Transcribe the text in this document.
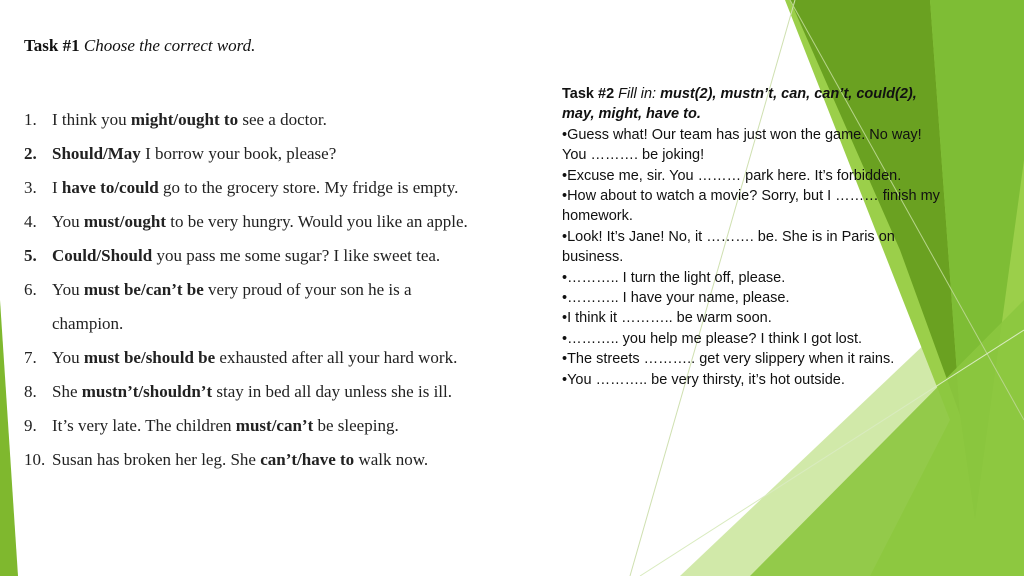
Task #1 Choose the correct word.
1. I think you might/ought to see a doctor.
2. Should/May I borrow your book, please?
3. I have to/could go to the grocery store. My fridge is empty.
4. You must/ought to be very hungry. Would you like an apple.
5. Could/Should you pass me some sugar? I like sweet tea.
6. You must be/can’t be very proud of your son he is a champion.
7. You must be/should be exhausted after all your hard work.
8. She mustn’t/shouldn’t stay in bed all day unless she is ill.
9. It’s very late. The children must/can’t be sleeping.
10. Susan has broken her leg. She can’t/have to walk now.
Task #2 Fill in: must(2), mustn’t, can, can’t, could(2), may, might, have to.
•Guess what! Our team has just won the game. No way!
You ………. be joking!
•Excuse me, sir. You ……… park here. It’s forbidden.
•How about to watch a movie? Sorry, but I ……… finish my homework.
•Look! It’s Jane! No, it ………. be. She is in Paris on business.
•……….. I turn the light off, please.
•……….. I have your name, please.
•I think it ……….. be warm soon.
•……….. you help me please? I think I got lost.
•The streets ……….. get very slippery when it rains.
•You ……….. be very thirsty, it’s hot outside.
